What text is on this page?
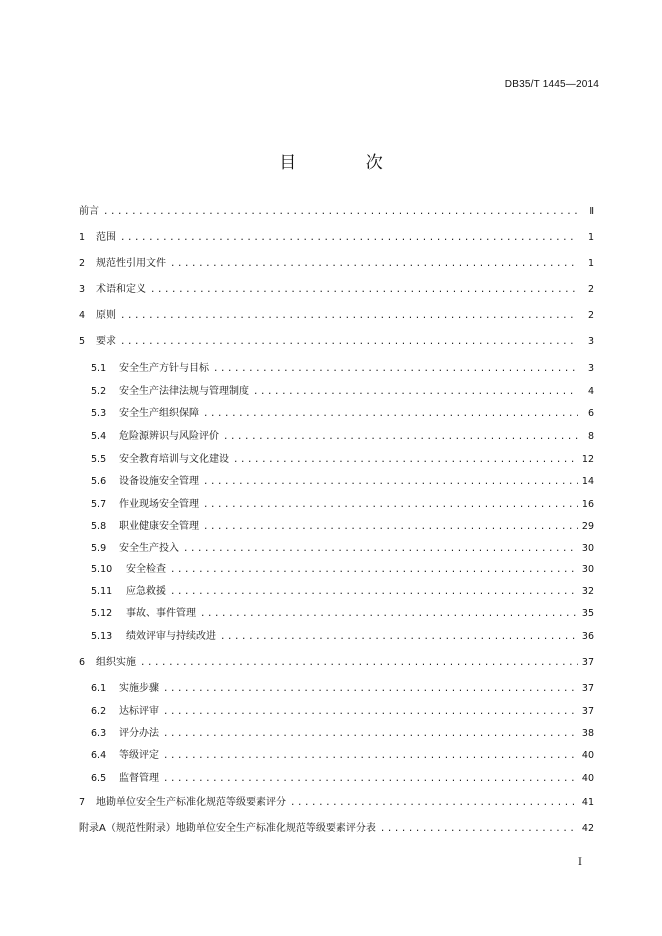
DB35/T 1445—2014
目 次
前言 .....	Ⅱ
1	范围 .....	1
2	规范性引用文件 .....	1
3	术语和定义 .....	2
4	原则 .....	2
5	要求 .....	3
5.1	安全生产方针与目标 .....	3
5.2	安全生产法律法规与管理制度 .....	4
5.3	安全生产组织保障 .....	6
5.4	危险源辨识与风险评价 .....	8
5.5	安全教育培训与文化建设 .....	12
5.6	设备设施安全管理 .....	14
5.7	作业现场安全管理 .....	16
5.8	职业健康安全管理 .....	29
5.9	安全生产投入 .....	30
5.10	安全检查 .....	30
5.11	应急救援 .....	32
5.12	事故、事件管理 .....	35
5.13	绩效评审与持续改进 .....	36
6	组织实施 .....	37
6.1	实施步骤 .....	37
6.2	达标评审 .....	37
6.3	评分办法 .....	38
6.4	等级评定 .....	40
6.5	监督管理 .....	40
7	地勘单位安全生产标准化规范等级要素评分 .....	41
附录A（规范性附录）地勘单位安全生产标准化规范等级要素评分表 .....	42
I
